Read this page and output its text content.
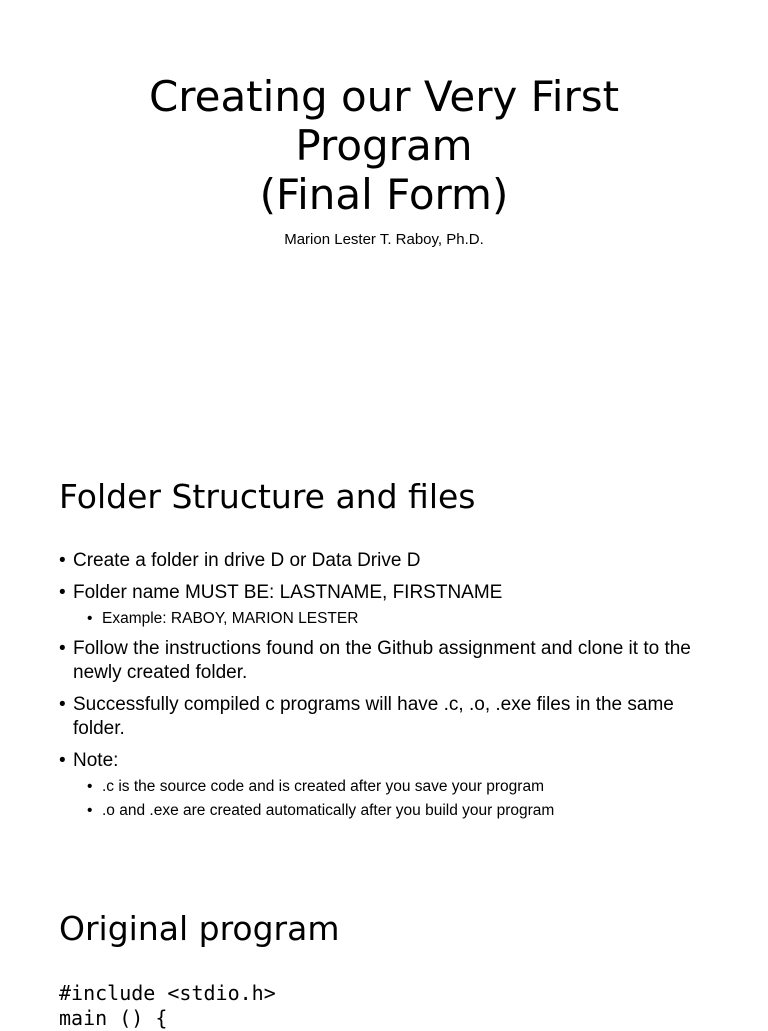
Creating our Very First
Program
(Final Form)
Marion Lester T. Raboy, Ph.D.
Folder Structure and files
• Create a folder in drive D or Data Drive D
• Folder name MUST BE: LASTNAME, FIRSTNAME
• Example: RABOY, MARION LESTER
• Follow the instructions found on the Github assignment and clone it to the newly created folder.
• Successfully compiled c programs will have .c, .o, .exe files in the same folder.
• Note:
• .c is the source code and is created after you save your program
• .o and .exe are created automatically after you build your program
Original program
#include <stdio.h>
main () {
